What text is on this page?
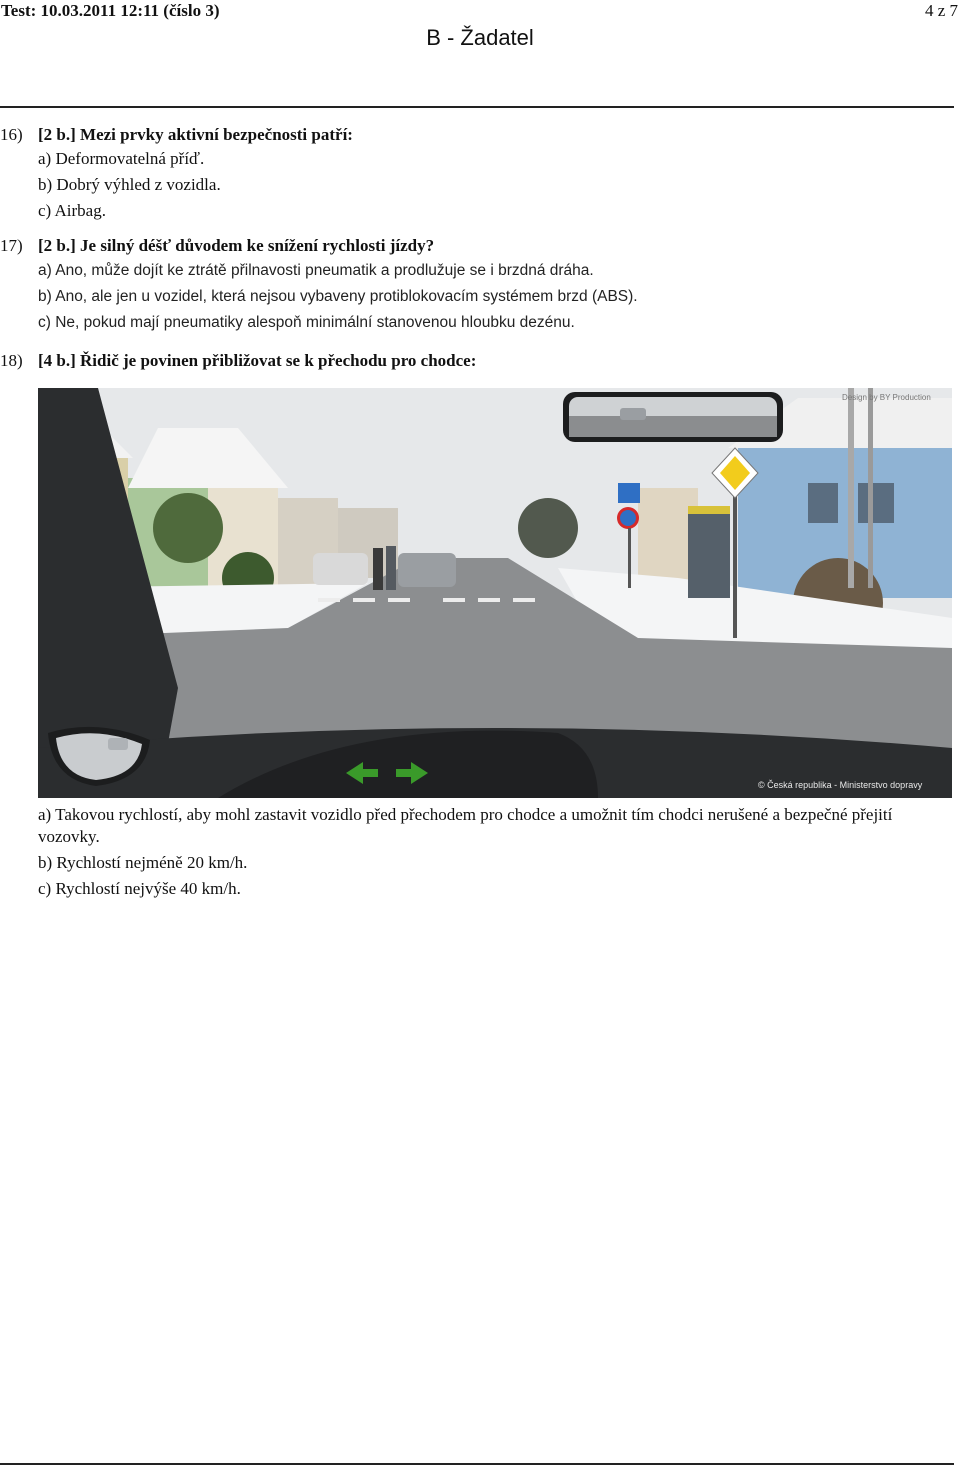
Test: 10.03.2011 12:11 (číslo 3)	4 z 7
B - Žadatel
16) [2 b.] Mezi prvky aktivní bezpečnosti patří:
a) Deformovatelná příď.
b) Dobrý výhled z vozidla.
c) Airbag.
17) [2 b.] Je silný déšť důvodem ke snížení rychlosti jízdy?
a) Ano, může dojít ke ztrátě přilnavosti pneumatik a prodlužuje se i brzdná dráha.
b) Ano, ale jen u vozidel, která nejsou vybaveny protiblokovacím systémem brzd (ABS).
c) Ne, pokud mají pneumatiky alespoň minimální stanovenou hloubku dezénu.
18) [4 b.] Řidič je povinen přibližovat se k přechodu pro chodce:
Design by BY Production
© Česká republika - Ministerstvo dopravy
a) Takovou rychlostí, aby mohl zastavit vozidlo před přechodem pro chodce a umožnit tím chodci nerušené a bezpečné přejití vozovky.
b) Rychlostí nejméně 20 km/h.
c) Rychlostí nejvýše 40 km/h.
